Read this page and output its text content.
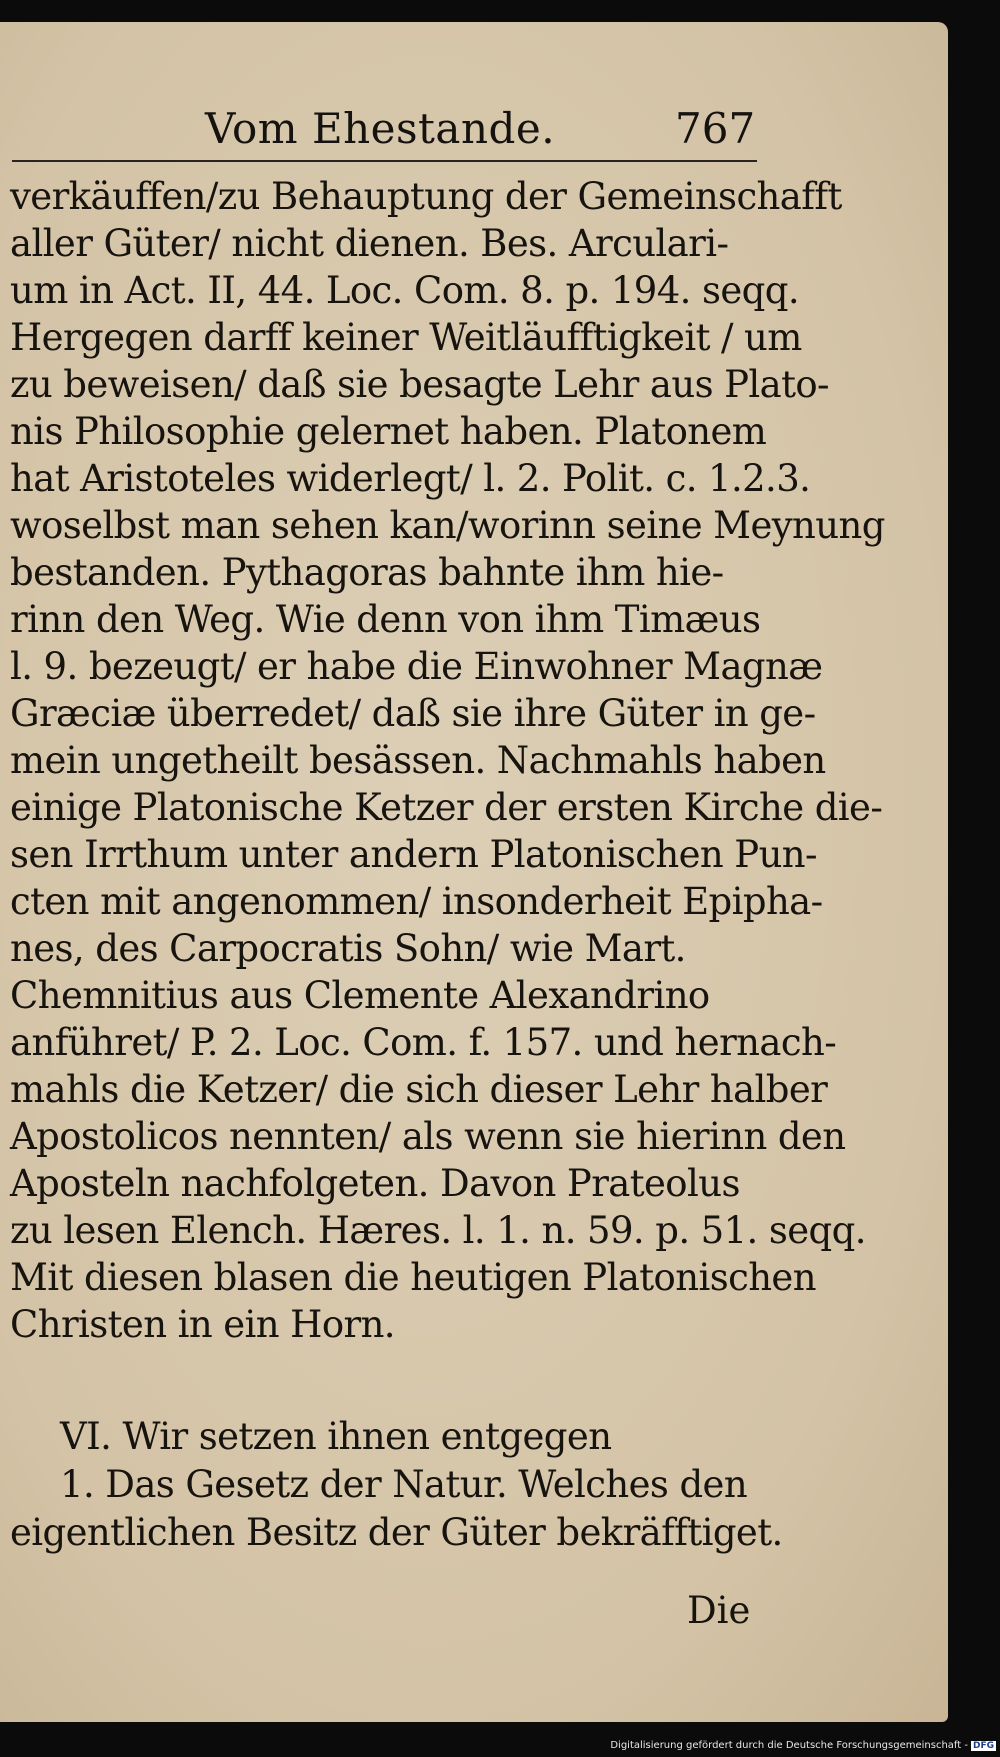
Vom Ehestande.	767
verkäuffen/zu Behauptung der Gemeinschafft
aller Güter/ nicht dienen. Bes. Arculari-
um in Act. II, 44. Loc. Com. 8. p. 194. seqq.
Hergegen darff keiner Weitläufftigkeit / um
zu beweisen/ daß sie besagte Lehr aus Plato-
nis Philosophie gelernet haben. Platonem
hat Aristoteles widerlegt/ l. 2. Polit. c. 1.2.3.
woselbst man sehen kan/worinn seine Meynung
bestanden. Pythagoras bahnte ihm hie-
rinn den Weg. Wie denn von ihm Timæus
l. 9. bezeugt/ er habe die Einwohner Magnæ
Græciæ überredet/ daß sie ihre Güter in ge-
mein ungetheilt besässen. Nachmahls haben
einige Platonische Ketzer der ersten Kirche die-
sen Irrthum unter andern Platonischen Pun-
cten mit angenommen/ insonderheit Epipha-
nes, des Carpocratis Sohn/ wie Mart.
Chemnitius aus Clemente Alexandrino
anführet/ P. 2. Loc. Com. f. 157. und hernach-
mahls die Ketzer/ die sich dieser Lehr halber
Apostolicos nennten/ als wenn sie hierinn den
Aposteln nachfolgeten. Davon Prateolus
zu lesen Elench. Hæres. l. 1. n. 59. p. 51. seqq.
Mit diesen blasen die heutigen Platonischen
Christen in ein Horn.
VI. Wir setzen ihnen entgegen
1. Das Gesetz der Natur. Welches den
eigentlichen Besitz der Güter bekräfftiget.
Die
Digitalisierung gefördert durch die Deutsche Forschungsgemeinschaft - DFG
